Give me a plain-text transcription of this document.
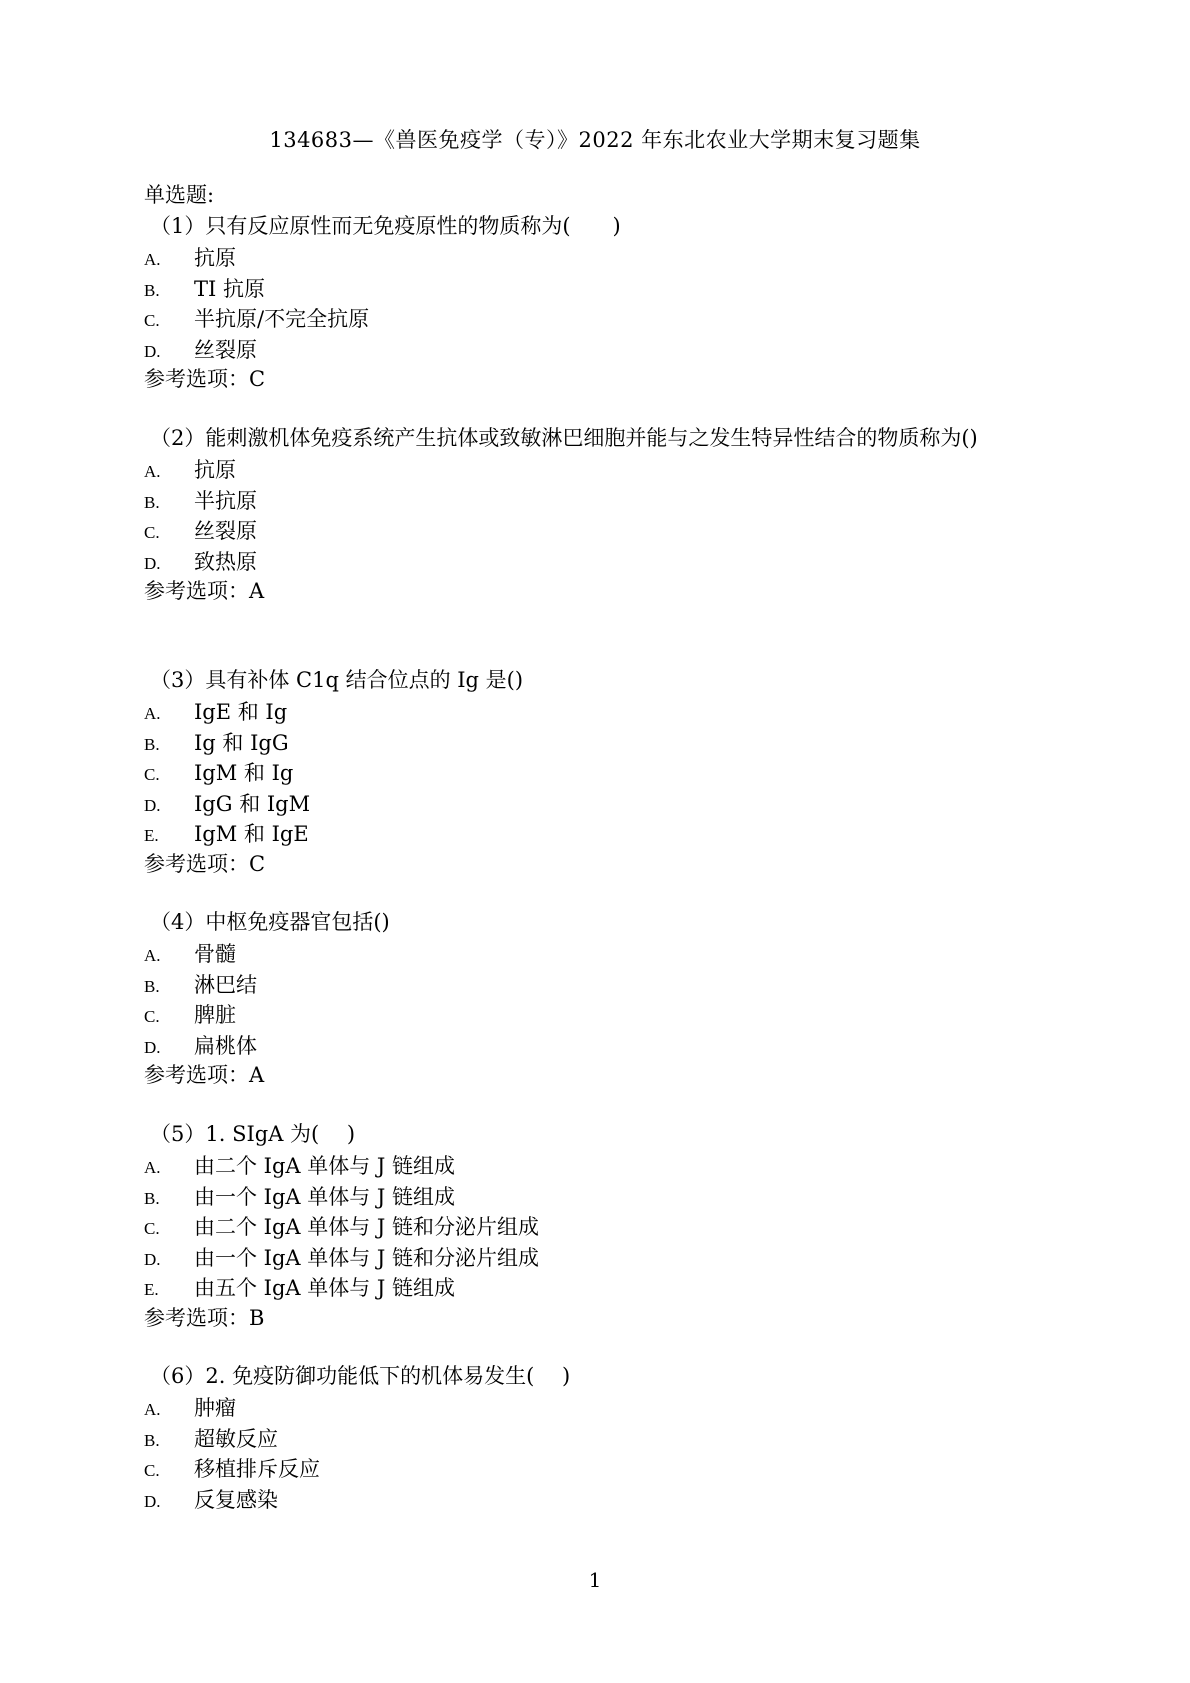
134683—《兽医免疫学（专）》2022 年东北农业大学期末复习题集
单选题:
（1）只有反应原性而无免疫原性的物质称为(　　)
A.	抗原
B.	TI 抗原
C.	半抗原/不完全抗原
D.	丝裂原
参考选项：C
（2）能刺激机体免疫系统产生抗体或致敏淋巴细胞并能与之发生特异性结合的物质称为()
A.	抗原
B.	半抗原
C.	丝裂原
D.	致热原
参考选项：A
（3）具有补体 C1q 结合位点的 Ig 是()
A.	IgE 和 Ig
B.	Ig 和 IgG
C.	IgM 和 Ig
D.	IgG 和 IgM
E.	IgM 和 IgE
参考选项：C
（4）中枢免疫器官包括()
A.	骨髓
B.	淋巴结
C.	脾脏
D.	扁桃体
参考选项：A
（5）1. SIgA 为(　 )
A.	由二个 IgA 单体与 J 链组成
B.	由一个 IgA 单体与 J 链组成
C.	由二个 IgA 单体与 J 链和分泌片组成
D.	由一个 IgA 单体与 J 链和分泌片组成
E.	由五个 IgA 单体与 J 链组成
参考选项：B
（6）2. 免疫防御功能低下的机体易发生(　 )
A.	肿瘤
B.	超敏反应
C.	移植排斥反应
D.	反复感染
1
